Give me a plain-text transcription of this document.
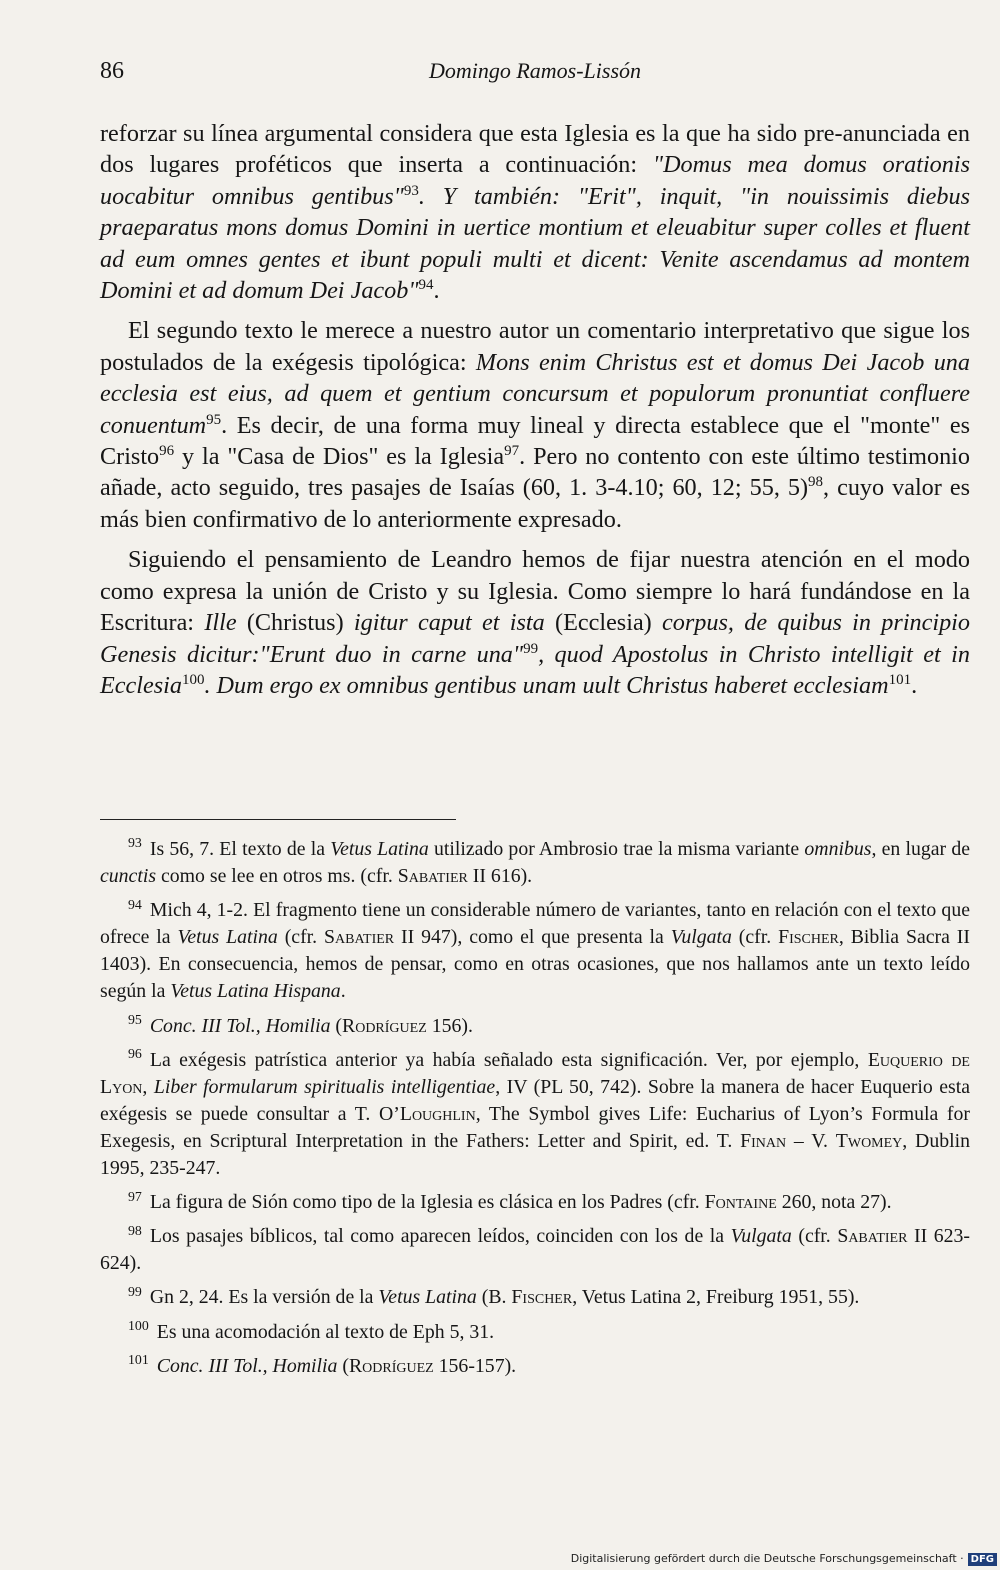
86	Domingo Ramos-Lissón

reforzar su línea argumental considera que esta Iglesia es la que ha sido pre-anunciada en dos lugares proféticos que inserta a continuación: "Domus mea domus orationis uocabitur omnibus gentibus"$^{93}$. Y también: "Erit", inquit, "in nouissimis diebus praeparatus mons domus Domini in uertice montium et eleuabitur super colles et fluent ad eum omnes gentes et ibunt populi multi et dicent: Venite ascendamus ad montem Domini et ad domum Dei Jacob"$^{94}$.

El segundo texto le merece a nuestro autor un comentario interpretativo que sigue los postulados de la exégesis tipológica: Mons enim Christus est et domus Dei Jacob una ecclesia est eius, ad quem et gentium concursum et populorum pronuntiat confluere conuentum$^{95}$. Es decir, de una forma muy lineal y directa establece que el "monte" es Cristo$^{96}$ y la "Casa de Dios" es la Iglesia$^{97}$. Pero no contento con este último testimonio añade, acto seguido, tres pasajes de Isaías (60, 1. 3-4.10; 60, 12; 55, 5)$^{98}$, cuyo valor es más bien confirmativo de lo anteriormente expresado.

Siguiendo el pensamiento de Leandro hemos de fijar nuestra atención en el modo como expresa la unión de Cristo y su Iglesia. Como siempre lo hará fundándose en la Escritura: Ille (Christus) igitur caput et ista (Ecclesia) corpus, de quibus in principio Genesis dicitur:"Erunt duo in carne una"$^{99}$, quod Apostolus in Christo intelligit et in Ecclesia$^{100}$. Dum ergo ex omnibus gentibus unam uult Christus haberet ecclesiam$^{101}$.

$^{93}$ Is 56, 7. El texto de la Vetus Latina utilizado por Ambrosio trae la misma variante omnibus, en lugar de cunctis como se lee en otros ms. (cfr. Sabatier II 616).
$^{94}$ Mich 4, 1-2. El fragmento tiene un considerable número de variantes, tanto en relación con el texto que ofrece la Vetus Latina (cfr. Sabatier II 947), como el que presenta la Vulgata (cfr. Fischer, Biblia Sacra II 1403). En consecuencia, hemos de pensar, como en otras ocasiones, que nos hallamos ante un texto leído según la Vetus Latina Hispana.
$^{95}$ Conc. III Tol., Homilia (Rodríguez 156).
$^{96}$ La exégesis patrística anterior ya había señalado esta significación. Ver, por ejemplo, Euquerio de Lyon, Liber formularum spiritualis intelligentiae, IV (PL 50, 742). Sobre la manera de hacer Euquerio esta exégesis se puede consultar a T. O’Loughlin, The Symbol gives Life: Eucharius of Lyon’s Formula for Exegesis, en Scriptural Interpretation in the Fathers: Letter and Spirit, ed. T. Finan – V. Twomey, Dublin 1995, 235-247.
$^{97}$ La figura de Sión como tipo de la Iglesia es clásica en los Padres (cfr. Fontaine 260, nota 27).
$^{98}$ Los pasajes bíblicos, tal como aparecen leídos, coinciden con los de la Vulgata (cfr. Sabatier II 623-624).
$^{99}$ Gn 2, 24. Es la versión de la Vetus Latina (B. Fischer, Vetus Latina 2, Freiburg 1951, 55).
$^{100}$ Es una acomodación al texto de Eph 5, 31.
$^{101}$ Conc. III Tol., Homilia (Rodríguez 156-157).
Digitalisierung gefördert durch die Deutsche Forschungsgemeinschaft · DFG
